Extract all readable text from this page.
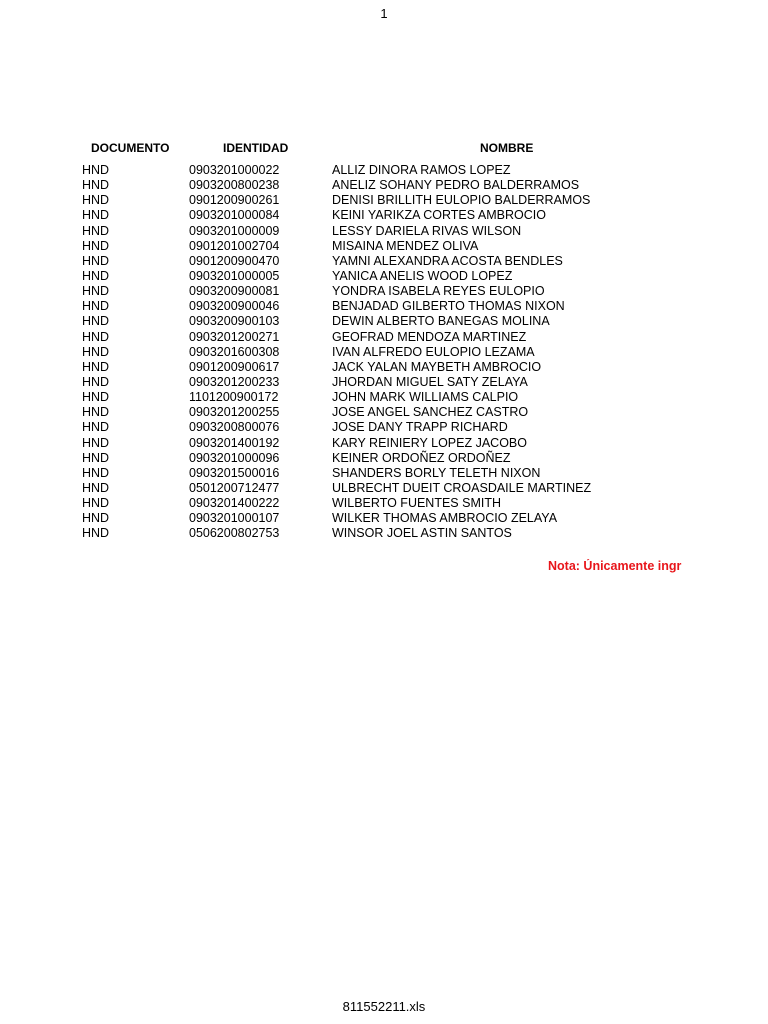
1
DOCUMENTO	IDENTIDAD	NOMBRE
HND	0903201000022	ALLIZ DINORA RAMOS LOPEZ
HND	0903200800238	ANELIZ SOHANY PEDRO BALDERRAMOS
HND	0901200900261	DENISI BRILLITH EULOPIO BALDERRAMOS
HND	0903201000084	KEINI YARIKZA CORTES AMBROCIO
HND	0903201000009	LESSY DARIELA RIVAS WILSON
HND	0901201002704	MISAINA MENDEZ OLIVA
HND	0901200900470	YAMNI ALEXANDRA ACOSTA BENDLES
HND	0903201000005	YANICA ANELIS WOOD LOPEZ
HND	0903200900081	YONDRA ISABELA REYES EULOPIO
HND	0903200900046	BENJADAD GILBERTO THOMAS NIXON
HND	0903200900103	DEWIN ALBERTO BANEGAS MOLINA
HND	0903201200271	GEOFRAD MENDOZA MARTINEZ
HND	0903201600308	IVAN ALFREDO EULOPIO LEZAMA
HND	0901200900617	JACK YALAN MAYBETH AMBROCIO
HND	0903201200233	JHORDAN MIGUEL SATY ZELAYA
HND	1101200900172	JOHN MARK WILLIAMS CALPIO
HND	0903201200255	JOSE ANGEL SANCHEZ CASTRO
HND	0903200800076	JOSE DANY TRAPP RICHARD
HND	0903201400192	KARY REINIERY LOPEZ JACOBO
HND	0903201000096	KEINER ORDOÑEZ ORDOÑEZ
HND	0903201500016	SHANDERS BORLY TELETH NIXON
HND	0501200712477	ULBRECHT DUEIT CROASDAILE MARTINEZ
HND	0903201400222	WILBERTO FUENTES SMITH
HND	0903201000107	WILKER THOMAS AMBROCIO ZELAYA
HND	0506200802753	WINSOR JOEL ASTIN SANTOS
Nota: Únicamente ingr
811552211.xls
